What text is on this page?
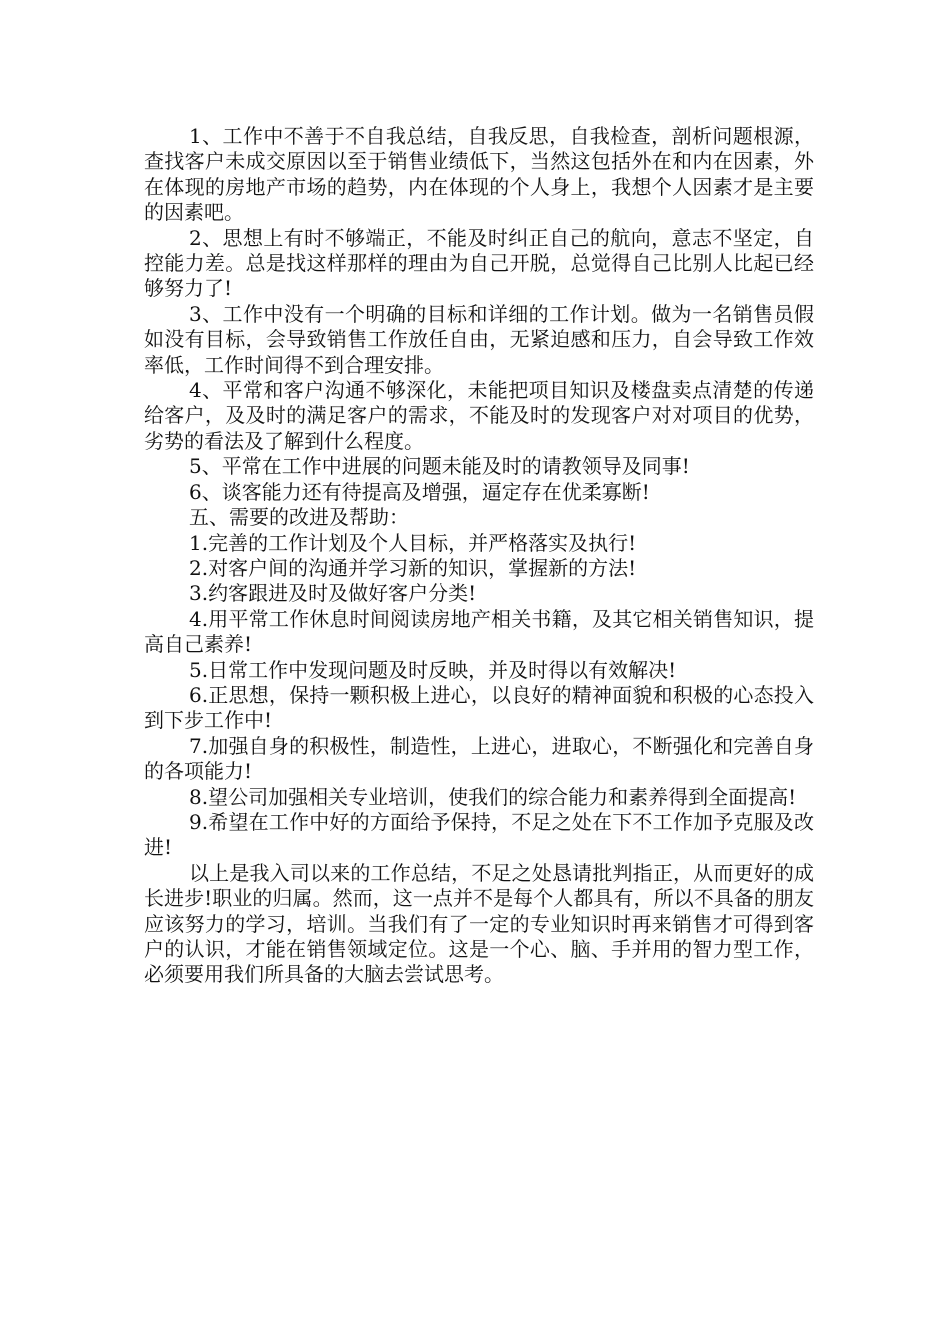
1、工作中不善于不自我总结，自我反思，自我检查，剖析问题根源，查找客户未成交原因以至于销售业绩低下，当然这包括外在和内在因素，外在体现的房地产市场的趋势，内在体现的个人身上，我想个人因素才是主要的因素吧。

2、思想上有时不够端正，不能及时纠正自己的航向，意志不坚定，自控能力差。总是找这样那样的理由为自己开脱，总觉得自己比别人比起已经够努力了!

3、工作中没有一个明确的目标和详细的工作计划。做为一名销售员假如没有目标，会导致销售工作放任自由，无紧迫感和压力，自会导致工作效率低，工作时间得不到合理安排。

4、平常和客户沟通不够深化，未能把项目知识及楼盘卖点清楚的传递给客户，及及时的满足客户的需求，不能及时的发现客户对对项目的优势，劣势的看法及了解到什么程度。

5、平常在工作中进展的问题未能及时的请教领导及同事!

6、谈客能力还有待提高及增强，逼定存在优柔寡断!

五、需要的改进及帮助：

1.完善的工作计划及个人目标，并严格落实及执行!

2.对客户间的沟通并学习新的知识，掌握新的方法!

3.约客跟进及时及做好客户分类!

4.用平常工作休息时间阅读房地产相关书籍，及其它相关销售知识，提高自己素养!

5.日常工作中发现问题及时反映，并及时得以有效解决!

6.正思想，保持一颗积极上进心，以良好的精神面貌和积极的心态投入到下步工作中!

7.加强自身的积极性，制造性，上进心，进取心，不断强化和完善自身的各项能力!

8.望公司加强相关专业培训，使我们的综合能力和素养得到全面提高!

9.希望在工作中好的方面给予保持，不足之处在下不工作加予克服及改进!

以上是我入司以来的工作总结，不足之处恳请批判指正，从而更好的成长进步!职业的归属。然而，这一点并不是每个人都具有，所以不具备的朋友应该努力的学习，培训。当我们有了一定的专业知识时再来销售才可得到客户的认识，才能在销售领域定位。这是一个心、脑、手并用的智力型工作，必须要用我们所具备的大脑去尝试思考。
